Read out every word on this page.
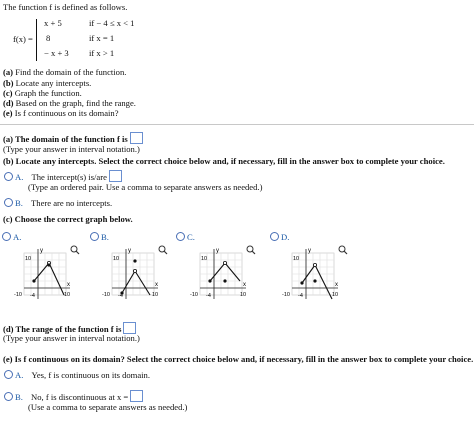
The function f is defined as follows.
f(x) =
x + 5	if − 4 ≤ x < 1
8	if x = 1
− x + 3 if x > 1
(a) Find the domain of the function.
(b) Locate any intercepts.
(c) Graph the function.
(d) Based on the graph, find the range.
(e) Is f continuous on its domain?
(a) The domain of the function f is
(Type your answer in interval notation.)
(b) Locate any intercepts. Select the correct choice below and, if necessary, fill in the answer box to complete your choice.
A. The intercept(s) is/are
(Type an ordered pair. Use a comma to separate answers as needed.)
B. There are no intercepts.
(c) Choose the correct graph below.
A.
y
x
10
-10	10
-4
B.
y
x
10
-10	10
-4
C.
y
x
10
-10	10
-4
D.
y
x
10
-10	10
-4
(d) The range of the function f is
(Type your answer in interval notation.)
(e) Is f continuous on its domain? Select the correct choice below and, if necessary, fill in the answer box to complete your choice.
A. Yes, f is continuous on its domain.
B. No, f is discontinuous at x =
(Use a comma to separate answers as needed.)
